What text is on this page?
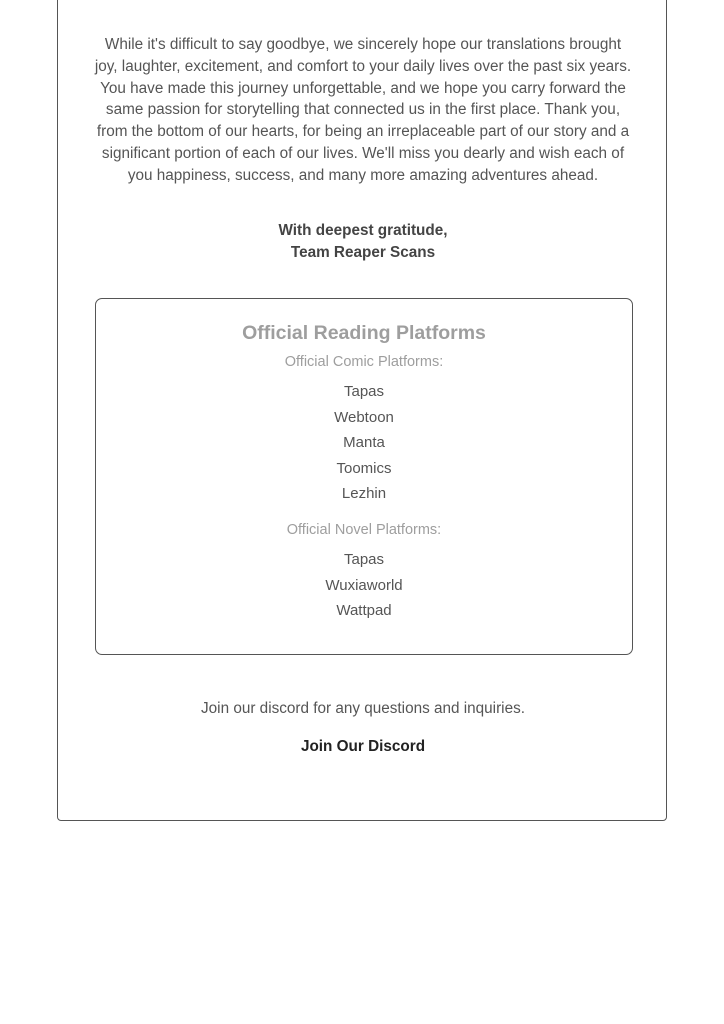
While it's difficult to say goodbye, we sincerely hope our translations brought joy, laughter, excitement, and comfort to your daily lives over the past six years. You have made this journey unforgettable, and we hope you carry forward the same passion for storytelling that connected us in the first place. Thank you, from the bottom of our hearts, for being an irreplaceable part of our story and a significant portion of each of our lives. We'll miss you dearly and wish each of you happiness, success, and many more amazing adventures ahead.

With deepest gratitude,
Team Reaper Scans
Official Reading Platforms
Official Comic Platforms:
Tapas
Webtoon
Manta
Toomics
Lezhin
Official Novel Platforms:
Tapas
Wuxiaworld
Wattpad
Join our discord for any questions and inquiries.
Join Our Discord
